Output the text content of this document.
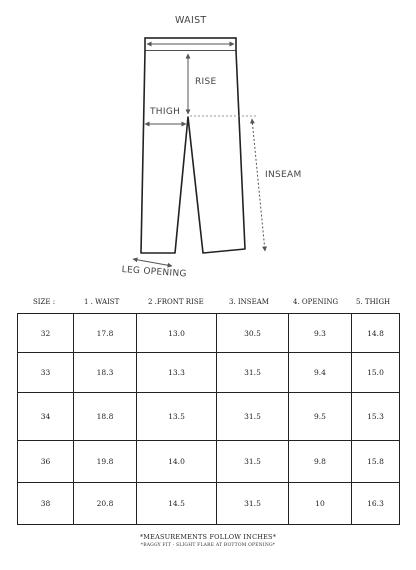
WAIST
RISE
THIGH
INSEAM
LEG OPENING
SIZE :	1 . WAIST	2 .FRONT RISE	3. INSEAM	4. OPENING	5. THIGH
32	17.8	13.0	30.5	9.3	14.8
33	18.3	13.3	31.5	9.4	15.0
34	18.8	13.5	31.5	9.5	15.3
36	19.8	14.0	31.5	9.8	15.8
38	20.8	14.5	31.5	10	16.3
*MEASUREMENTS FOLLOW INCHES*
*BAGGY FIT - SLIGHT FLARE AT BOTTOM OPENING*
